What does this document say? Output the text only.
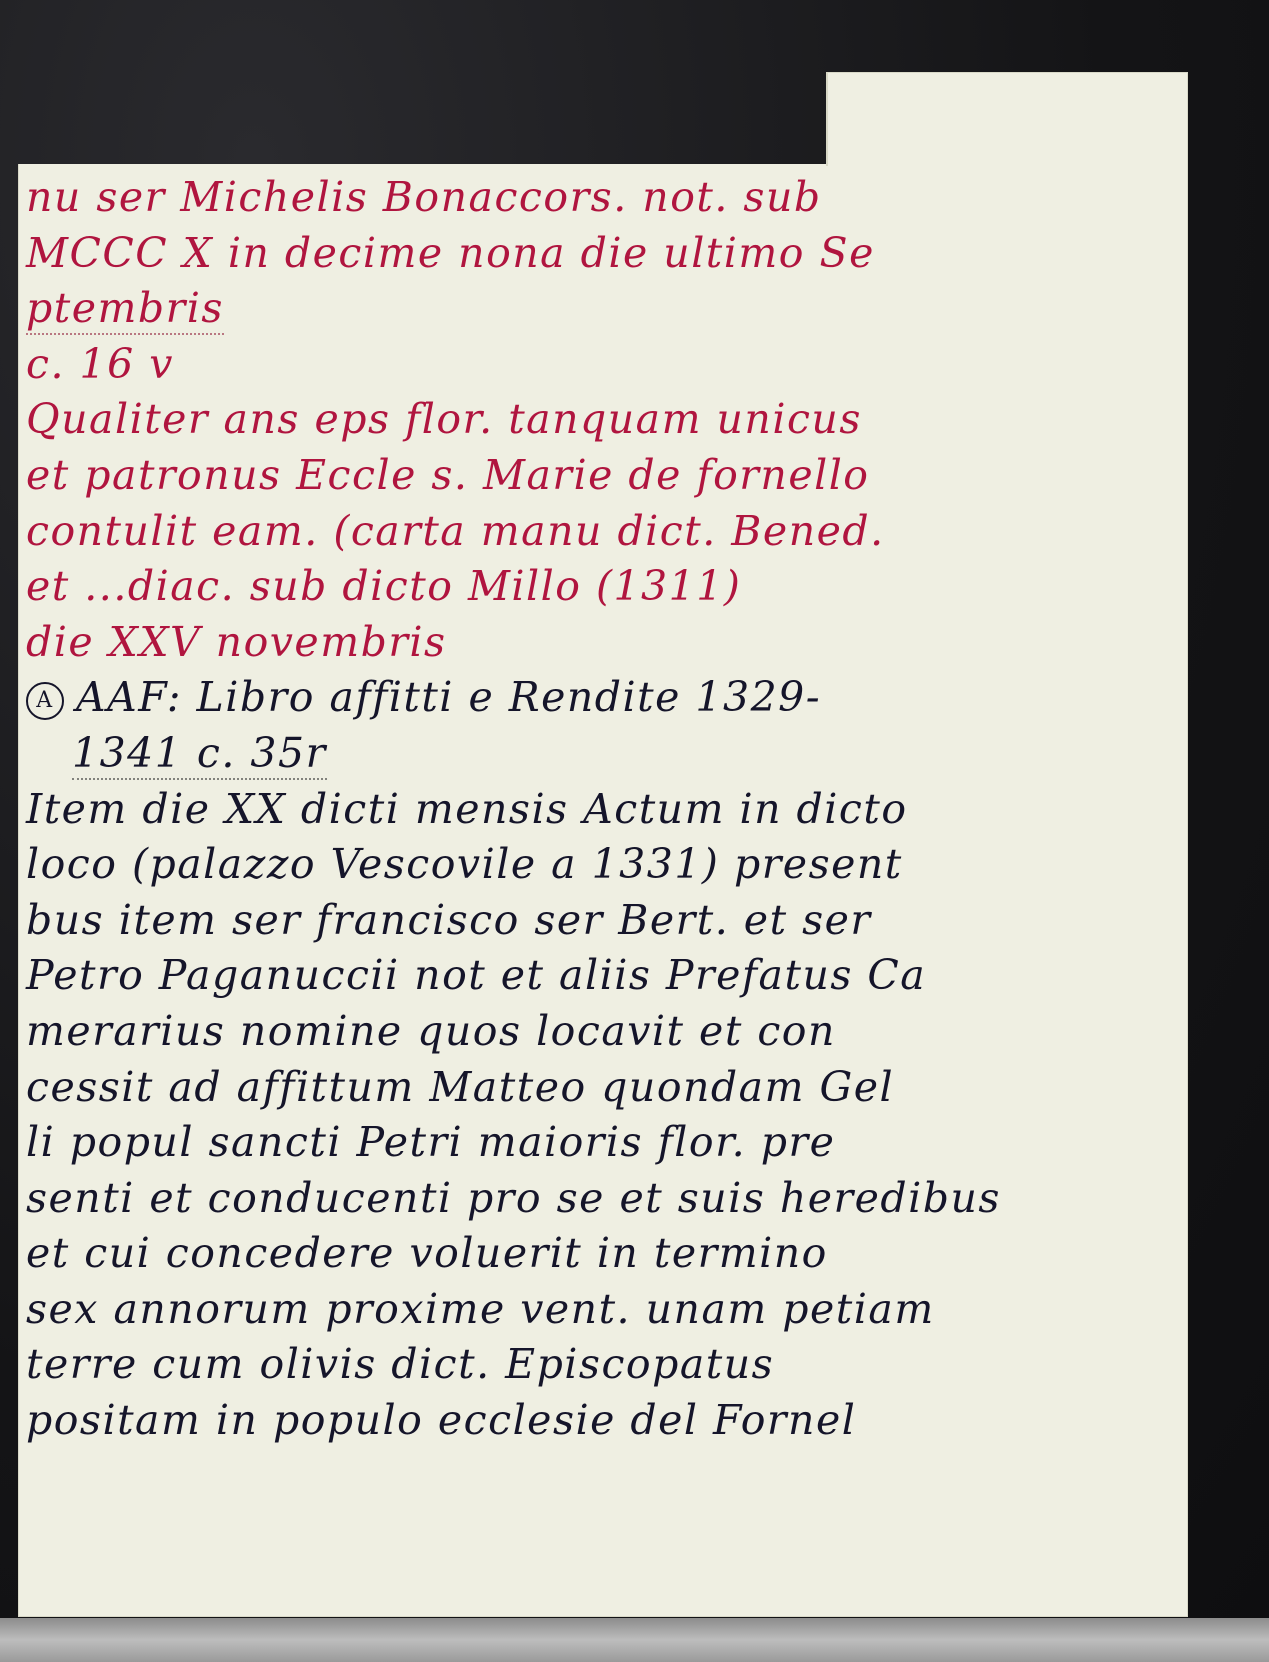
nu ser Michelis Bonaccors. not. sub
MCCC X in decime nona die ultimo Se
ptembris
c. 16 v
Qualiter ans eps flor. tanquam unicus
et patronus Eccle s. Marie de fornello
contulit eam. (carta manu dict. Bened.
et ...diac. sub dicto Millo (1311)
die XXV novembris
A AAF: Libro affitti e Rendite 1329-
1341 c. 35r
Item die XX dicti mensis Actum in dicto
loco (palazzo Vescovile a 1331) present
bus item ser francisco ser Bert. et ser
Petro Paganuccii not et aliis Prefatus Ca
merarius nomine quos locavit et con
cessit ad affittum Matteo quondam Gel
li popul sancti Petri maioris flor. pre
senti et conducenti pro se et suis heredibus
et cui concedere voluerit in termino
sex annorum proxime vent. unam petiam
terre cum olivis dict. Episcopatus
positam in populo ecclesie del Fornel
